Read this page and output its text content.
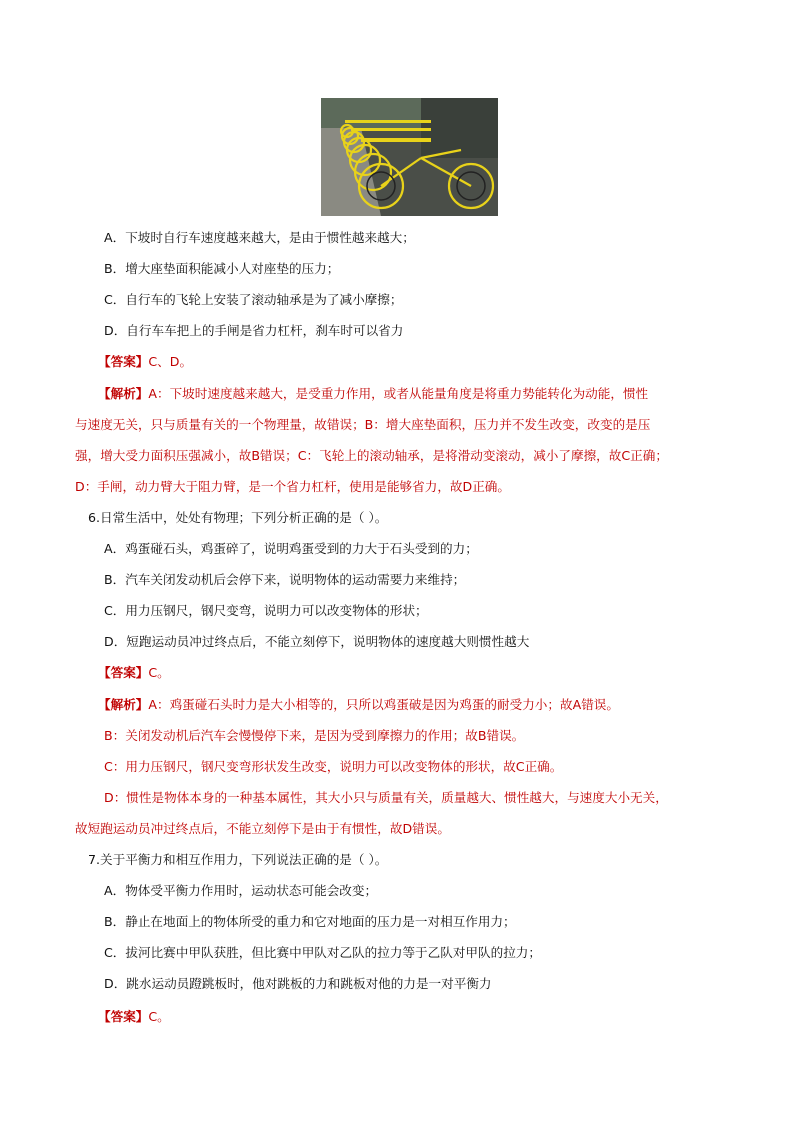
A．下坡时自行车速度越来越大，是由于惯性越来越大；
B．增大座垫面积能减小人对座垫的压力；
C．自行车的飞轮上安装了滚动轴承是为了减小摩擦；
D．自行车车把上的手闸是省力杠杆，刹车时可以省力
【答案】C、D。
【解析】A：下坡时速度越来越大，是受重力作用，或者从能量角度是将重力势能转化为动能，惯性
与速度无关，只与质量有关的一个物理量，故错误；B：增大座垫面积，压力并不发生改变，改变的是压
强，增大受力面积压强减小，故B错误；C：飞轮上的滚动轴承，是将滑动变滚动，减小了摩擦，故C正确；
D：手闸，动力臂大于阻力臂，是一个省力杠杆，使用是能够省力，故D正确。
6.日常生活中，处处有物理；下列分析正确的是（ ）。
A．鸡蛋碰石头，鸡蛋碎了，说明鸡蛋受到的力大于石头受到的力；
B．汽车关闭发动机后会停下来，说明物体的运动需要力来维持；
C．用力压钢尺，钢尺变弯，说明力可以改变物体的形状；
D．短跑运动员冲过终点后，不能立刻停下，说明物体的速度越大则惯性越大
【答案】C。
【解析】A：鸡蛋碰石头时力是大小相等的，只所以鸡蛋破是因为鸡蛋的耐受力小；故A错误。
B：关闭发动机后汽车会慢慢停下来，是因为受到摩擦力的作用；故B错误。
C：用力压钢尺，钢尺变弯形状发生改变，说明力可以改变物体的形状，故C正确。
D：惯性是物体本身的一种基本属性，其大小只与质量有关，质量越大、惯性越大，与速度大小无关，
故短跑运动员冲过终点后，不能立刻停下是由于有惯性，故D错误。
7.关于平衡力和相互作用力，下列说法正确的是（ ）。
A．物体受平衡力作用时，运动状态可能会改变；
B．静止在地面上的物体所受的重力和它对地面的压力是一对相互作用力；
C．拔河比赛中甲队获胜，但比赛中甲队对乙队的拉力等于乙队对甲队的拉力；
D．跳水运动员蹬跳板时，他对跳板的力和跳板对他的力是一对平衡力
【答案】C。
